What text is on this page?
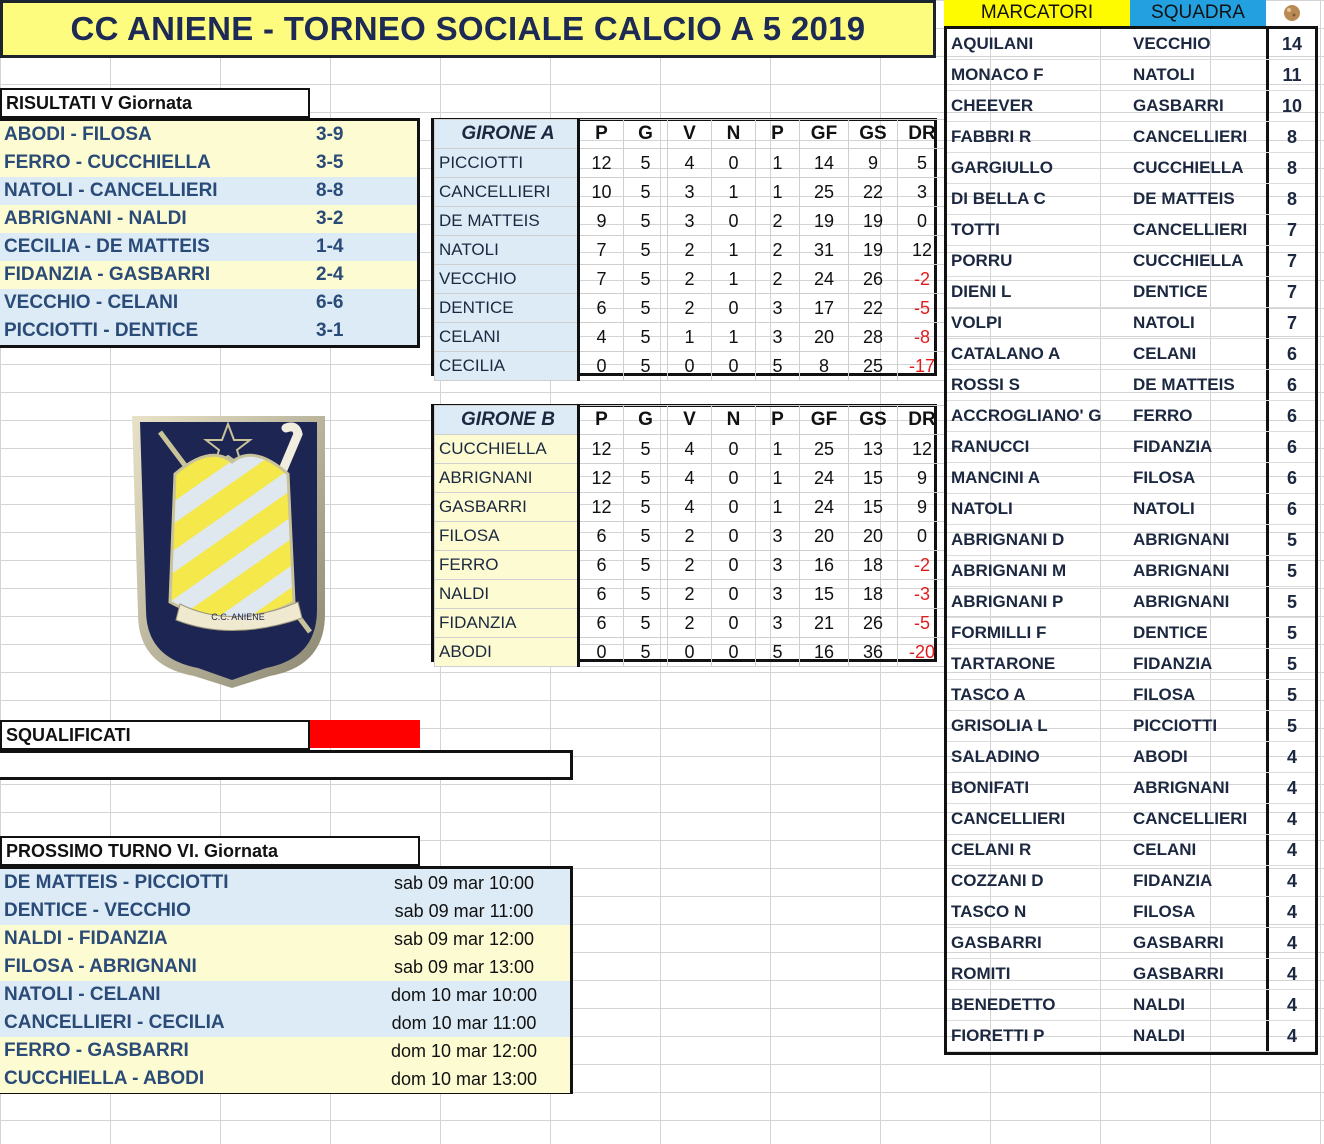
CC ANIENE - TORNEO SOCIALE CALCIO A 5 2019
RISULTATI V Giornata
ABODI - FILOSA	3-9
FERRO - CUCCHIELLA	3-5
NATOLI - CANCELLIERI	8-8
ABRIGNANI - NALDI	3-2
CECILIA - DE MATTEIS	1-4
FIDANZIA - GASBARRI	2-4
VECCHIO - CELANI	6-6
PICCIOTTI - DENTICE	3-1
GIRONE A	P	G	V	N	P	GF	GS	DR
PICCIOTTI	12	5	4	0	1	14	9	5
CANCELLIERI	10	5	3	1	1	25	22	3
DE MATTEIS	9	5	3	0	2	19	19	0
NATOLI	7	5	2	1	2	31	19	12
VECCHIO	7	5	2	1	2	24	26	-2
DENTICE	6	5	2	0	3	17	22	-5
CELANI	4	5	1	1	3	20	28	-8
CECILIA	0	5	0	0	5	8	25	-17
GIRONE B	P	G	V	N	P	GF	GS	DR
CUCCHIELLA	12	5	4	0	1	25	13	12
ABRIGNANI	12	5	4	0	1	24	15	9
GASBARRI	12	5	4	0	1	24	15	9
FILOSA	6	5	2	0	3	20	20	0
FERRO	6	5	2	0	3	16	18	-2
NALDI	6	5	2	0	3	15	18	-3
FIDANZIA	6	5	2	0	3	21	26	-5
ABODI	0	5	0	0	5	16	36	-20
C.C. ANIENE
SQUALIFICATI
PROSSIMO TURNO VI. Giornata
DE MATTEIS - PICCIOTTI	sab 09 mar 10:00
DENTICE - VECCHIO	sab 09 mar 11:00
NALDI - FIDANZIA	sab 09 mar 12:00
FILOSA - ABRIGNANI	sab 09 mar 13:00
NATOLI - CELANI	dom 10 mar 10:00
CANCELLIERI - CECILIA	dom 10 mar 11:00
FERRO - GASBARRI	dom 10 mar 12:00
CUCCHIELLA - ABODI	dom 10 mar 13:00
MARCATORI	SQUADRA
AQUILANI	VECCHIO	14
MONACO F	NATOLI	11
CHEEVER	GASBARRI	10
FABBRI R	CANCELLIERI	8
GARGIULLO	CUCCHIELLA	8
DI BELLA C	DE MATTEIS	8
TOTTI	CANCELLIERI	7
PORRU	CUCCHIELLA	7
DIENI L	DENTICE	7
VOLPI	NATOLI	7
CATALANO A	CELANI	6
ROSSI S	DE MATTEIS	6
ACCROGLIANO' G	FERRO	6
RANUCCI	FIDANZIA	6
MANCINI A	FILOSA	6
NATOLI	NATOLI	6
ABRIGNANI D	ABRIGNANI	5
ABRIGNANI M	ABRIGNANI	5
ABRIGNANI P	ABRIGNANI	5
FORMILLI F	DENTICE	5
TARTARONE	FIDANZIA	5
TASCO A	FILOSA	5
GRISOLIA L	PICCIOTTI	5
SALADINO	ABODI	4
BONIFATI	ABRIGNANI	4
CANCELLIERI	CANCELLIERI	4
CELANI R	CELANI	4
COZZANI D	FIDANZIA	4
TASCO N	FILOSA	4
GASBARRI	GASBARRI	4
ROMITI	GASBARRI	4
BENEDETTO	NALDI	4
FIORETTI P	NALDI	4
